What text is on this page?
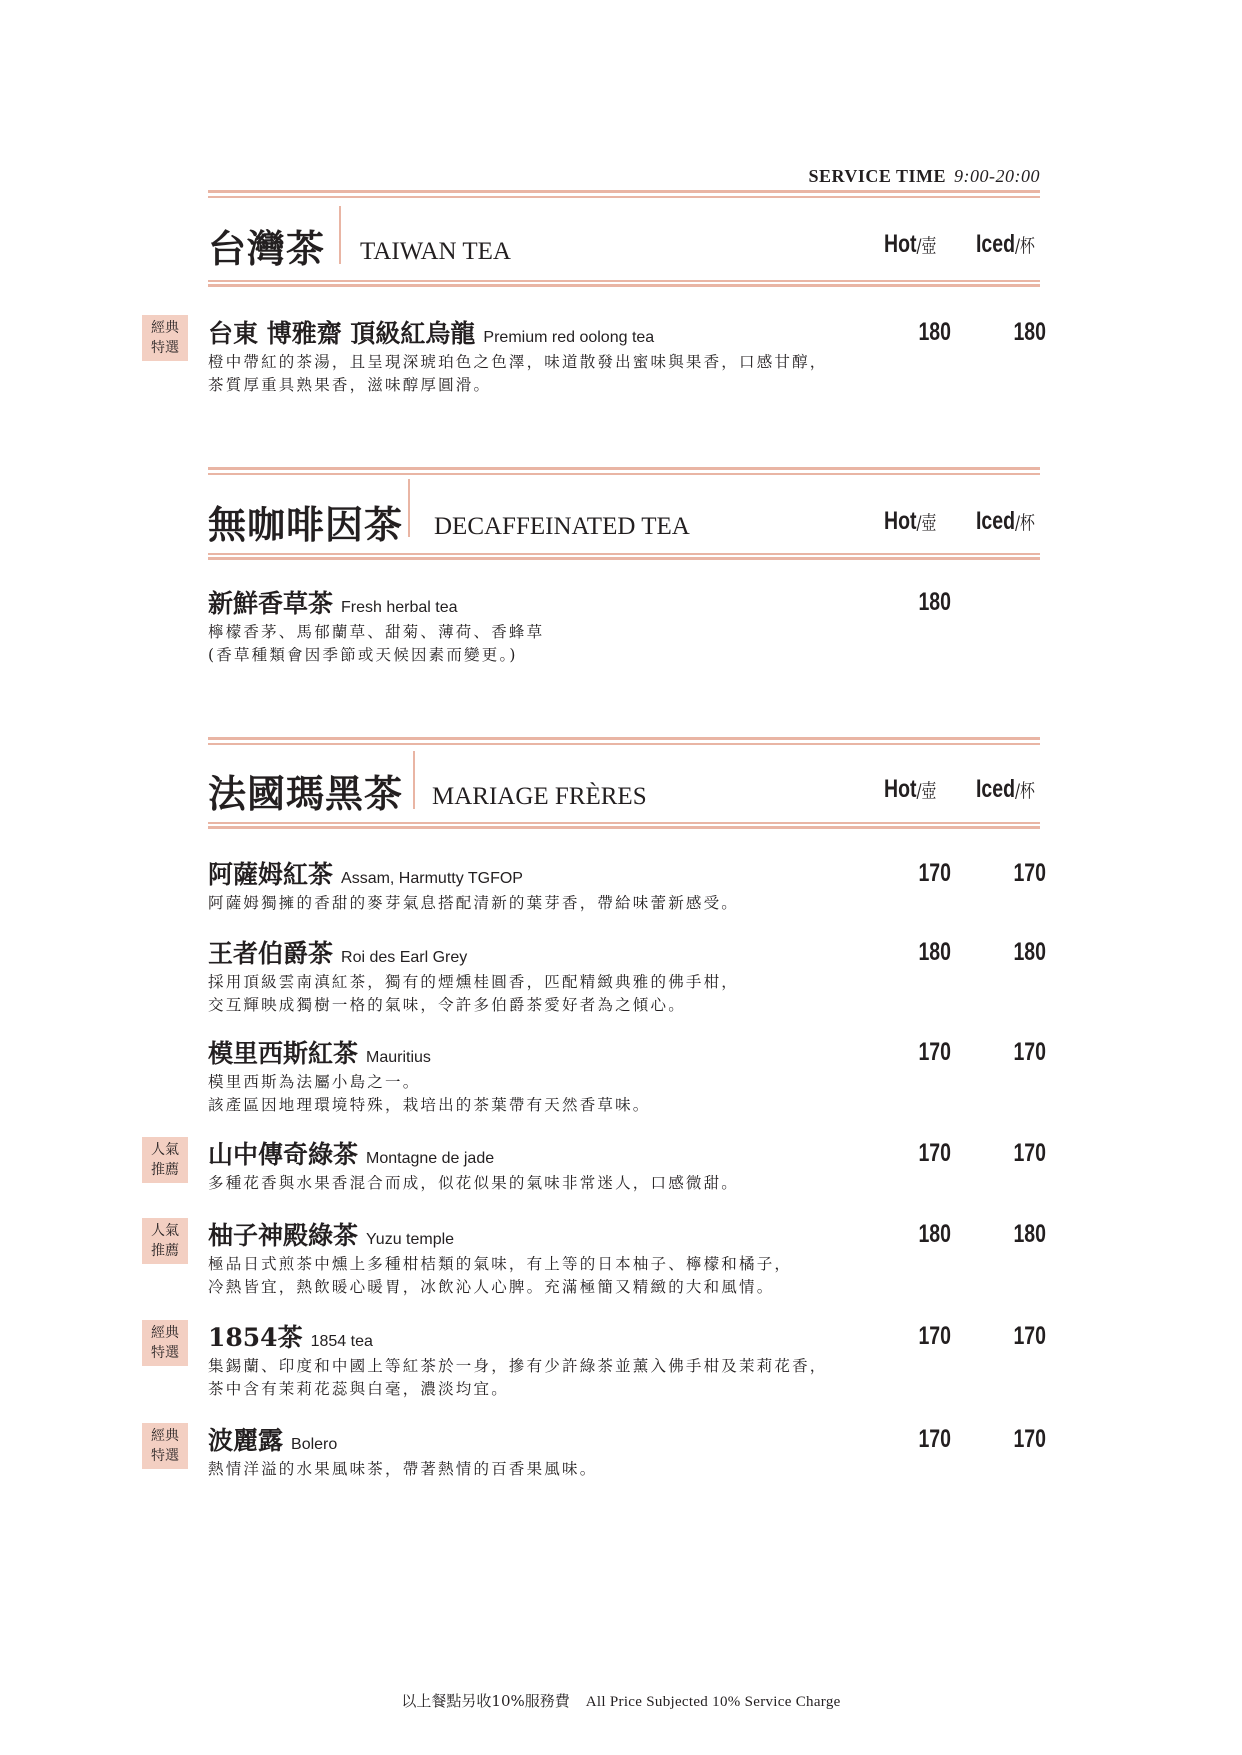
SERVICE TIME 9:00-20:00
台灣茶 TAIWAN TEA	Hot/壺 Iced/杯
經典
特選	台東 博雅齋 頂級紅烏龍 Premium red oolong tea
橙中帶紅的茶湯，且呈現深琥珀色之色澤，味道散發出蜜味與果香，口感甘醇，
茶質厚重具熟果香，滋味醇厚圓滑。
180	180
無咖啡因茶 DECAFFEINATED TEA	Hot/壺 Iced/杯
新鮮香草茶 Fresh herbal tea
檸檬香茅、馬郁蘭草、甜菊、薄荷、香蜂草
(香草種類會因季節或天候因素而變更。)
180
法國瑪黑茶 MARIAGE FRÈRES	Hot/壺 Iced/杯
阿薩姆紅茶 Assam, Harmutty TGFOP
阿薩姆獨擁的香甜的麥芽氣息搭配清新的葉芽香，帶給味蕾新感受。
170	170
王者伯爵茶 Roi des Earl Grey
採用頂級雲南滇紅茶，獨有的煙燻桂圓香，匹配精緻典雅的佛手柑，
交互輝映成獨樹一格的氣味，令許多伯爵茶愛好者為之傾心。
180	180
模里西斯紅茶 Mauritius
模里西斯為法屬小島之一。
該產區因地理環境特殊，栽培出的茶葉帶有天然香草味。
170	170
人氣
推薦
山中傳奇綠茶 Montagne de jade
多種花香與水果香混合而成，似花似果的氣味非常迷人，口感微甜。
170	170
人氣
推薦
柚子神殿綠茶 Yuzu temple
極品日式煎茶中燻上多種柑桔類的氣味，有上等的日本柚子、檸檬和橘子，
冷熱皆宜，熱飲暖心暖胃，冰飲沁人心脾。充滿極簡又精緻的大和風情。
180	180
經典
特選
1854茶 1854 tea
集錫蘭、印度和中國上等紅茶於一身，摻有少許綠茶並薰入佛手柑及茉莉花香，
茶中含有茉莉花蕊與白毫，濃淡均宜。
170	170
經典
特選
波麗露 Bolero
熱情洋溢的水果風味茶，帶著熱情的百香果風味。
170	170
以上餐點另收10%服務費 All Price Subjected 10% Service Charge
